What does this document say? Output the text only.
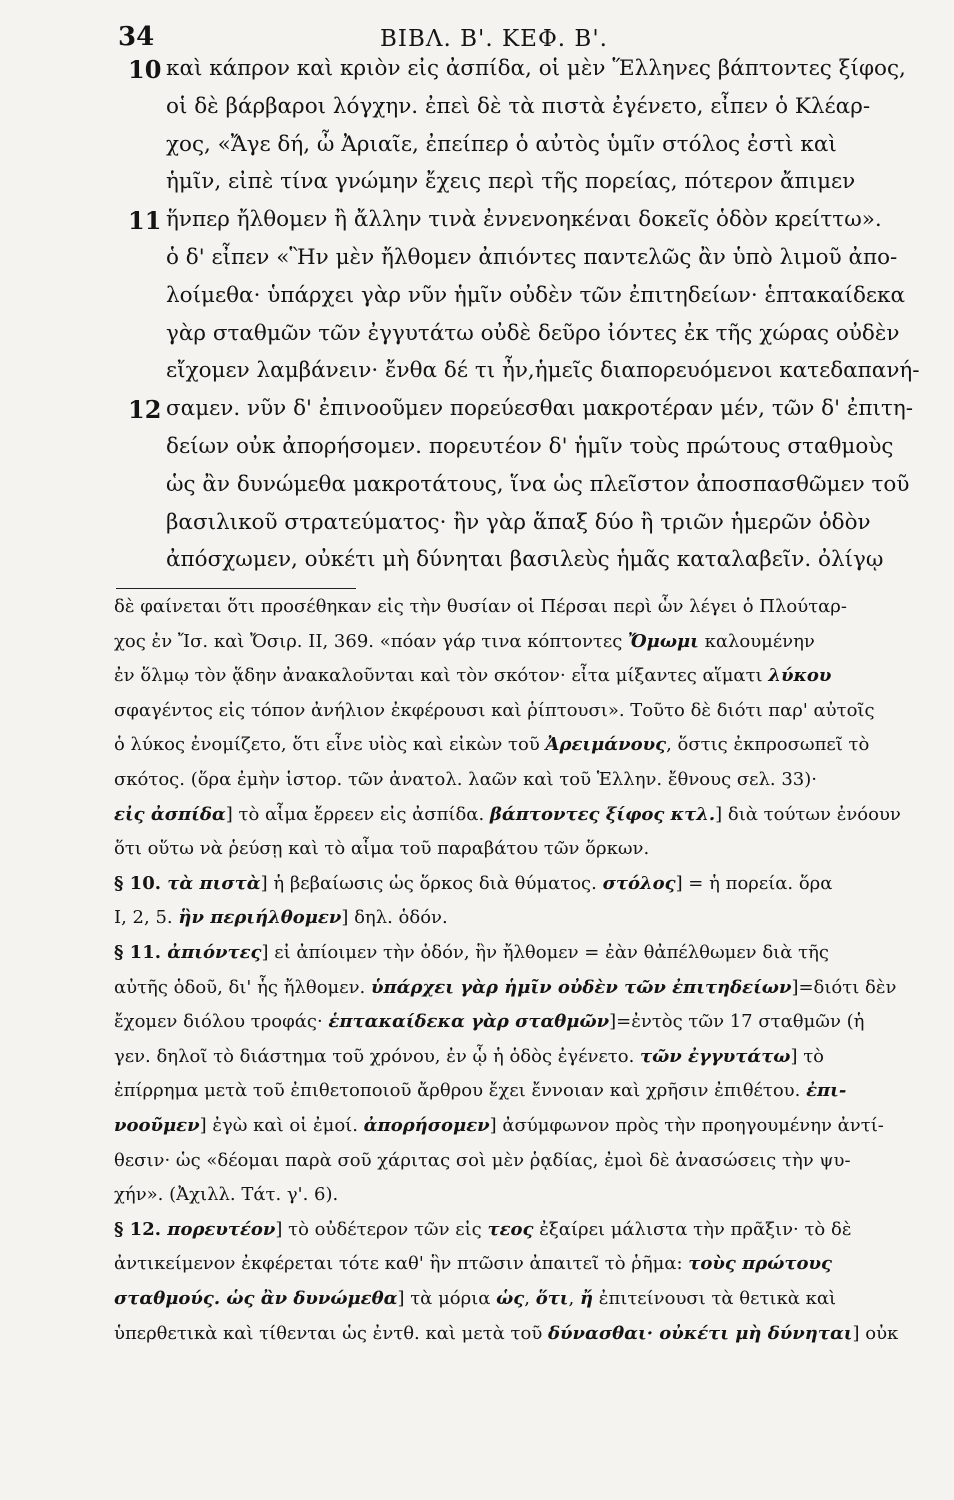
34	ΒΙΒΛ. Β'. ΚΕΦ. Β'.
10 καὶ κάπρον καὶ κριὸν εἰς ἀσπίδα, οἱ μὲν Ἕλληνες βάπτοντες ξίφος,
οἱ δὲ βάρβαροι λόγχην. ἐπεὶ δὲ τὰ πιστὰ ἐγένετο, εἶπεν ὁ Κλέαρ-
χος, «Ἄγε δή, ὦ Ἀριαῖε, ἐπείπερ ὁ αὐτὸς ὑμῖν στόλος ἐστὶ καὶ
ἡμῖν, εἰπὲ τίνα γνώμην ἔχεις περὶ τῆς πορείας, πότερον ἄπιμεν
11 ἥνπερ ἤλθομεν ἢ ἄλλην τινὰ ἐννενοηκέναι δοκεῖς ὁδὸν κρείττω».
ὁ δ' εἶπεν «Ἣν μὲν ἤλθομεν ἀπιόντες παντελῶς ἂν ὑπὸ λιμοῦ ἀπο-
λοίμεθα· ὑπάρχει γὰρ νῦν ἡμῖν οὐδὲν τῶν ἐπιτηδείων· ἑπτακαίδεκα
γὰρ σταθμῶν τῶν ἐγγυτάτω οὐδὲ δεῦρο ἰόντες ἐκ τῆς χώρας οὐδὲν
εἴχομεν λαμβάνειν· ἔνθα δέ τι ἦν,ἡμεῖς διαπορευόμενοι κατεδαπανή-
12 σαμεν. νῦν δ' ἐπινοοῦμεν πορεύεσθαι μακροτέραν μέν, τῶν δ' ἐπιτη-
δείων οὐκ ἀπορήσομεν. πορευτέον δ' ἡμῖν τοὺς πρώτους σταθμοὺς
ὡς ἂν δυνώμεθα μακροτάτους, ἵνα ὡς πλεῖστον ἀποσπασθῶμεν τοῦ
βασιλικοῦ στρατεύματος· ἢν γὰρ ἅπαξ δύο ἢ τριῶν ἡμερῶν ὁδὸν
ἀπόσχωμεν, οὐκέτι μὴ δύνηται βασιλεὺς ἡμᾶς καταλαβεῖν. ὀλίγῳ
δὲ φαίνεται ὅτι προσέθηκαν εἰς τὴν θυσίαν οἱ Πέρσαι περὶ ὧν λέγει ὁ Πλούταρ-
χος ἐν Ἴσ. καὶ Ὄσιρ. ΙΙ, 369. «πόαν γάρ τινα κόπτοντες Ὄμωμι καλουμένην
ἐν ὅλμῳ τὸν ᾅδην ἀνακαλοῦνται καὶ τὸν σκότον· εἶτα μίξαντες αἵματι λύκου
σφαγέντος εἰς τόπον ἀνήλιον ἐκφέρουσι καὶ ῥίπτουσι». Τοῦτο δὲ διότι παρ' αὐτοῖς
ὁ λύκος ἐνομίζετο, ὅτι εἶνε υἱὸς καὶ εἰκὼν τοῦ Ἀρειμάνους, ὅστις ἐκπροσωπεῖ τὸ
σκότος. (ὅρα ἐμὴν ἱστορ. τῶν ἀνατολ. λαῶν καὶ τοῦ Ἑλλην. ἔθνους σελ. 33)·
εἰς ἀσπίδα] τὸ αἷμα ἔρρεεν εἰς ἀσπίδα. βάπτοντες ξίφος κτλ.] διὰ τούτων ἐνόουν
ὅτι οὕτω νὰ ῥεύσῃ καὶ τὸ αἷμα τοῦ παραβάτου τῶν ὅρκων.
§ 10. τὰ πιστὰ] ἡ βεβαίωσις ὡς ὅρκος διὰ θύματος. στόλος] = ἡ πορεία. ὅρα
Ι, 2, 5. ἣν περιήλθομεν] δηλ. ὁδόν.
§ 11. ἀπιόντες] εἰ ἀπίοιμεν τὴν ὁδόν, ἣν ἤλθομεν = ἐὰν θἀπέλθωμεν διὰ τῆς
αὐτῆς ὁδοῦ, δι' ἧς ἤλθομεν. ὑπάρχει γὰρ ἡμῖν οὐδὲν τῶν ἐπιτηδείων]=διότι δὲν
ἔχομεν διόλου τροφάς· ἑπτακαίδεκα γὰρ σταθμῶν]=ἐντὸς τῶν 17 σταθμῶν (ἡ
γεν. δηλοῖ τὸ διάστημα τοῦ χρόνου, ἐν ᾧ ἡ ὁδὸς ἐγένετο. τῶν ἐγγυτάτω] τὸ
ἐπίρρημα μετὰ τοῦ ἐπιθετοποιοῦ ἄρθρου ἔχει ἔννοιαν καὶ χρῆσιν ἐπιθέτου. ἐπι-
νοοῦμεν] ἐγὼ καὶ οἱ ἐμοί. ἀπορήσομεν] ἀσύμφωνον πρὸς τὴν προηγουμένην ἀντί-
θεσιν· ὡς «δέομαι παρὰ σοῦ χάριτας σοὶ μὲν ῥᾳδίας, ἐμοὶ δὲ ἀνασώσεις τὴν ψυ-
χήν». (Ἀχιλλ. Τάτ. γ'. 6).
§ 12. πορευτέον] τὸ οὐδέτερον τῶν εἰς τεος ἐξαίρει μάλιστα τὴν πρᾶξιν· τὸ δὲ
ἀντικείμενον ἐκφέρεται τότε καθ' ἣν πτῶσιν ἀπαιτεῖ τὸ ῥῆμα: τοὺς πρώτους
σταθμούς. ὡς ἂν δυνώμεθα] τὰ μόρια ὡς, ὅτι, ἤ ἐπιτείνουσι τὰ θετικὰ καὶ
ὑπερθετικὰ καὶ τίθενται ὡς ἐντθ. καὶ μετὰ τοῦ δύνασθαι· οὐκέτι μὴ δύνηται] οὐκ
